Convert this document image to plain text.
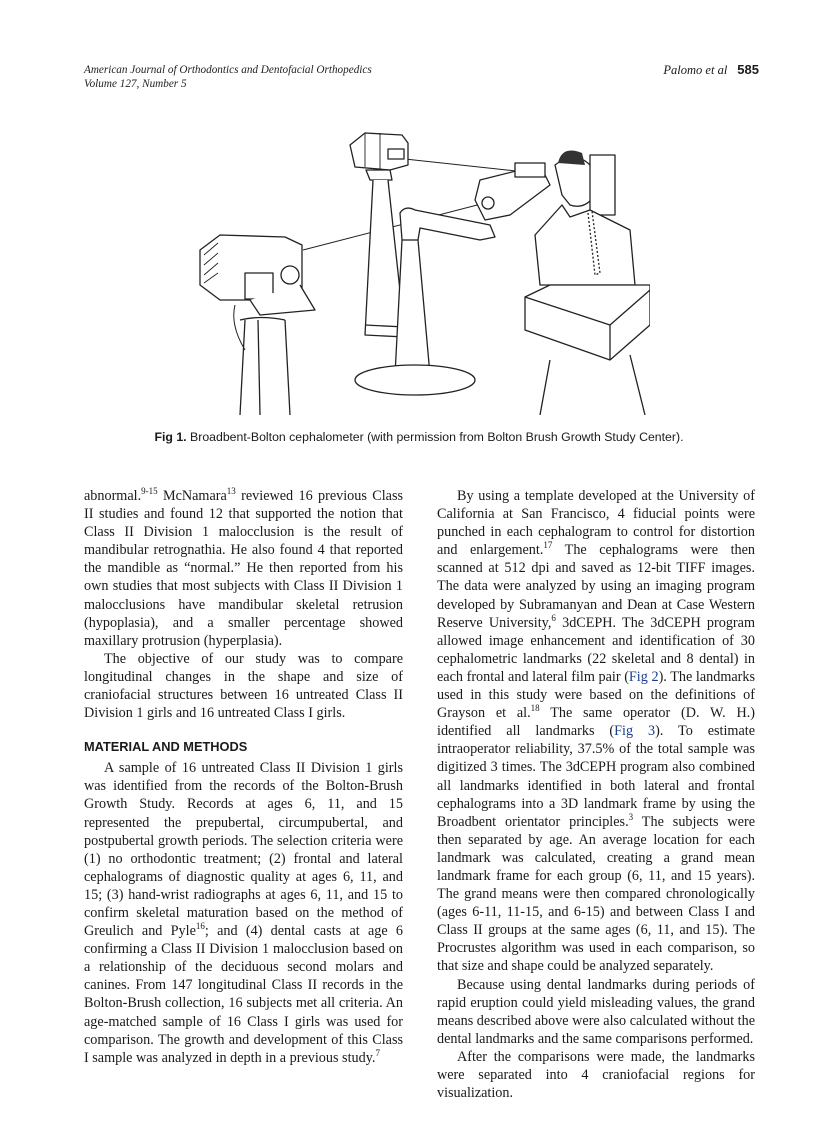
American Journal of Orthodontics and Dentofacial Orthopedics
Volume 127, Number 5
Palomo et al 585
Fig 1. Broadbent-Bolton cephalometer (with permission from Bolton Brush Growth Study Center).

abnormal.$^{9-15}$ McNamara$^{13}$ reviewed 16 previous Class II studies and found 12 that supported the notion that Class II Division 1 malocclusion is the result of mandibular retrognathia. He also found 4 that reported the mandible as “normal.” He then reported from his own studies that most subjects with Class II Division 1 malocclusions have mandibular skeletal retrusion (hypoplasia), and a smaller percentage showed maxillary protrusion (hyperplasia).

The objective of our study was to compare longitudinal changes in the shape and size of craniofacial structures between 16 untreated Class II Division 1 girls and 16 untreated Class I girls.

MATERIAL AND METHODS

A sample of 16 untreated Class II Division 1 girls was identified from the records of the Bolton-Brush Growth Study. Records at ages 6, 11, and 15 represented the prepubertal, circumpubertal, and postpubertal growth periods. The selection criteria were (1) no orthodontic treatment; (2) frontal and lateral cephalograms of diagnostic quality at ages 6, 11, and 15; (3) hand-wrist radiographs at ages 6, 11, and 15 to confirm skeletal maturation based on the method of Greulich and Pyle$^{16}$; and (4) dental casts at age 6 confirming a Class II Division 1 malocclusion based on a relationship of the deciduous second molars and canines. From 147 longitudinal Class II records in the Bolton-Brush collection, 16 subjects met all criteria. An age-matched sample of 16 Class I girls was used for comparison. The growth and development of this Class I sample was analyzed in depth in a previous study.$^7$

By using a template developed at the University of California at San Francisco, 4 fiducial points were punched in each cephalogram to control for distortion and enlargement.$^{17}$ The cephalograms were then scanned at 512 dpi and saved as 12-bit TIFF images. The data were analyzed by using an imaging program developed by Subramanyan and Dean at Case Western Reserve University,$^6$ 3dCEPH. The 3dCEPH program allowed image enhancement and identification of 30 cephalometric landmarks (22 skeletal and 8 dental) in each frontal and lateral film pair (Fig 2). The landmarks used in this study were based on the definitions of Grayson et al.$^{18}$ The same operator (D. W. H.) identified all landmarks (Fig 3). To estimate intraoperator reliability, 37.5% of the total sample was digitized 3 times. The 3dCEPH program also combined all landmarks identified in both lateral and frontal cephalograms into a 3D landmark frame by using the Broadbent orientator principles.$^3$ The subjects were then separated by age. An average location for each landmark was calculated, creating a grand mean landmark frame for each group (6, 11, and 15 years). The grand means were then compared chronologically (ages 6-11, 11-15, and 6-15) and between Class I and Class II groups at the same ages (6, 11, and 15). The Procrustes algorithm was used in each comparison, so that size and shape could be analyzed separately.

Because using dental landmarks during periods of rapid eruption could yield misleading values, the grand means described above were also calculated without the dental landmarks and the same comparisons performed.

After the comparisons were made, the landmarks were separated into 4 craniofacial regions for visualization.
